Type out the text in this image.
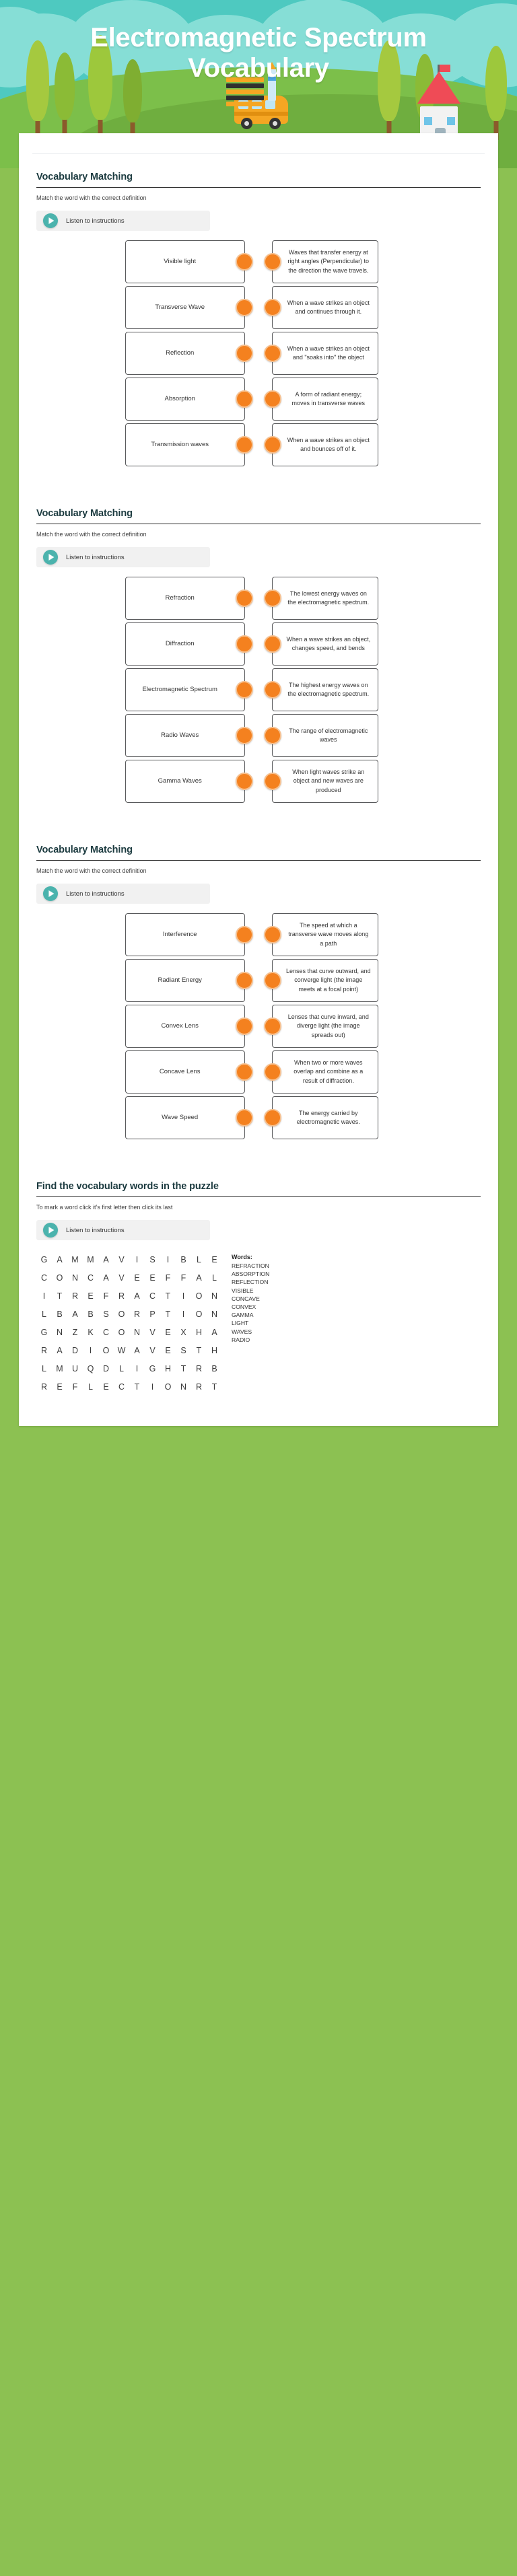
Electromagnetic Spectrum Vocabulary
Vocabulary Matching
Match the word with the correct definition
Listen to instructions
Visible light
Waves that transfer energy at right angles (Perpendicular) to the direction the wave travels.
Transverse Wave
When a wave strikes an object and continues through it.
Reflection
When a wave strikes an object and "soaks into" the object
Absorption
A form of radiant energy; moves in transverse waves
Transmission waves
When a wave strikes an object and bounces off of it.
Vocabulary Matching
Match the word with the correct definition
Listen to instructions
Refraction
The lowest energy waves on the electromagnetic spectrum.
Diffraction
When a wave strikes an object, changes speed, and bends
Electromagnetic Spectrum
The highest energy waves on the electromagnetic spectrum.
Radio Waves
The range of electromagnetic waves
Gamma Waves
When light waves strike an object and new waves are produced
Vocabulary Matching
Match the word with the correct definition
Listen to instructions
Interference
The speed at which a transverse wave moves along a path
Radiant Energy
Lenses that curve outward, and converge light (the image meets at a focal point)
Convex Lens
Lenses that curve inward, and diverge light (the image spreads out)
Concave Lens
When two or more waves overlap and combine as a result of diffraction.
Wave Speed
The energy carried by electromagnetic waves.
Find the vocabulary words in the puzzle
To mark a word click it’s first letter then click its last
Listen to instructions
G	A	M	M	A	V	I	S	I	B	L	E
C	O	N	C	A	V	E	E	F	F	A	L
I	T	R	E	F	R	A	C	T	I	O	N
L	B	A	B	S	O	R	P	T	I	O	N
G	N	Z	K	C	O	N	V	E	X	H	A
R	A	D	I	O W	A	V	E	S	T	H
L	M	U	Q	D	L	I	G	H	T	R	B
R	E	F	L	E	C	T	I	O	N	R	T
Words:
REFRACTION
ABSORPTION
REFLECTION
VISIBLE
CONCAVE
CONVEX
GAMMA
LIGHT
WAVES
RADIO
